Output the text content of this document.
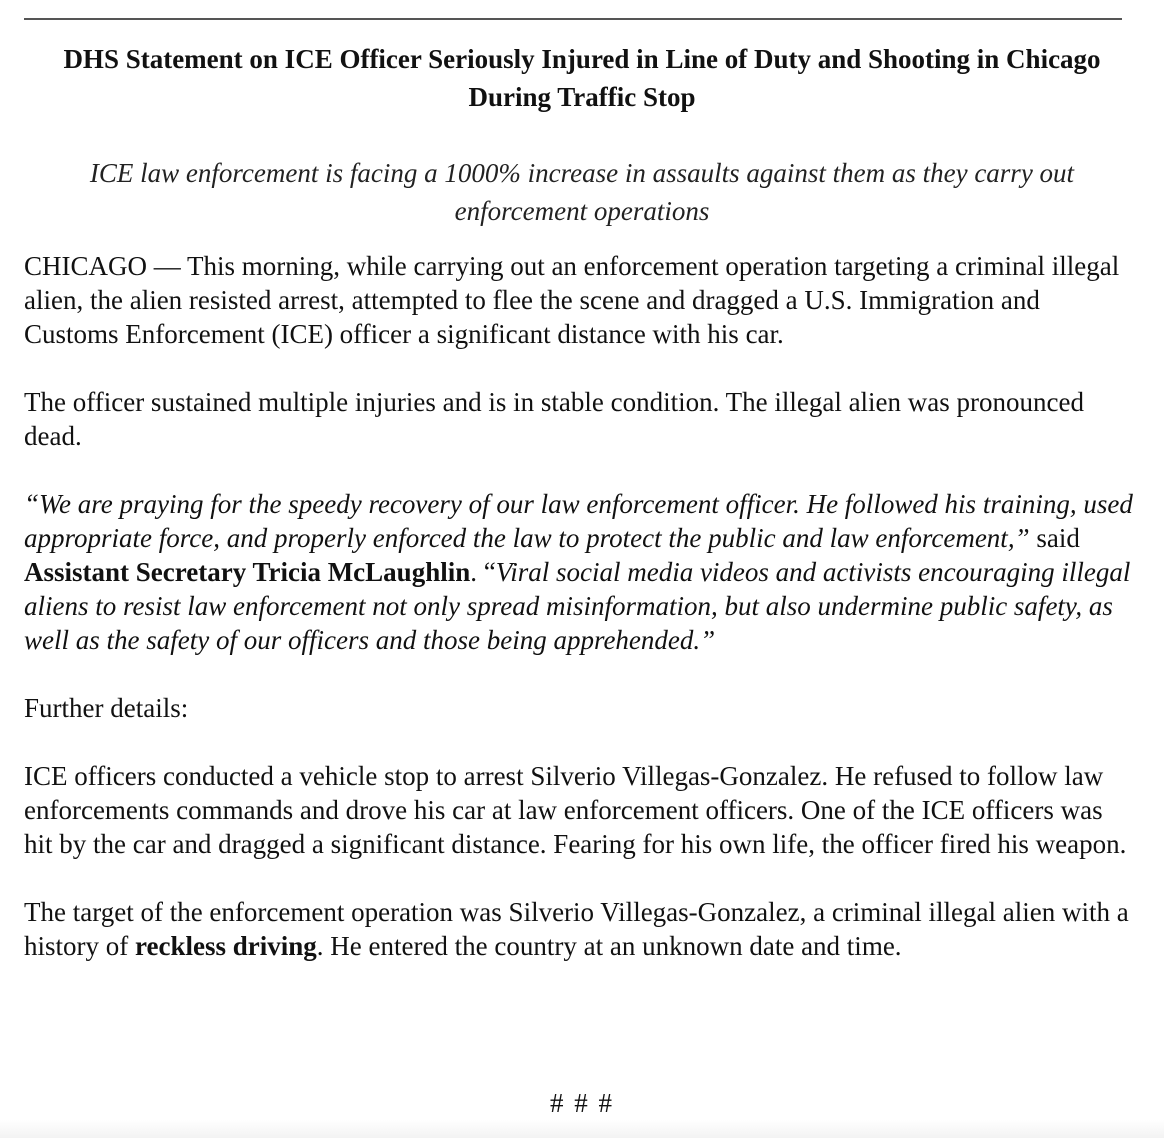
DHS Statement on ICE Officer Seriously Injured in Line of Duty and Shooting in Chicago During Traffic Stop

ICE law enforcement is facing a 1000% increase in assaults against them as they carry out enforcement operations

CHICAGO — This morning, while carrying out an enforcement operation targeting a criminal illegal alien, the alien resisted arrest, attempted to flee the scene and dragged a U.S. Immigration and Customs Enforcement (ICE) officer a significant distance with his car.

The officer sustained multiple injuries and is in stable condition. The illegal alien was pronounced dead.

“We are praying for the speedy recovery of our law enforcement officer. He followed his training, used appropriate force, and properly enforced the law to protect the public and law enforcement,” said Assistant Secretary Tricia McLaughlin. “Viral social media videos and activists encouraging illegal aliens to resist law enforcement not only spread misinformation, but also undermine public safety, as well as the safety of our officers and those being apprehended.”

Further details:

ICE officers conducted a vehicle stop to arrest Silverio Villegas-Gonzalez. He refused to follow law enforcements commands and drove his car at law enforcement officers. One of the ICE officers was hit by the car and dragged a significant distance. Fearing for his own life, the officer fired his weapon.

The target of the enforcement operation was Silverio Villegas-Gonzalez, a criminal illegal alien with a history of reckless driving. He entered the country at an unknown date and time.

# # #
